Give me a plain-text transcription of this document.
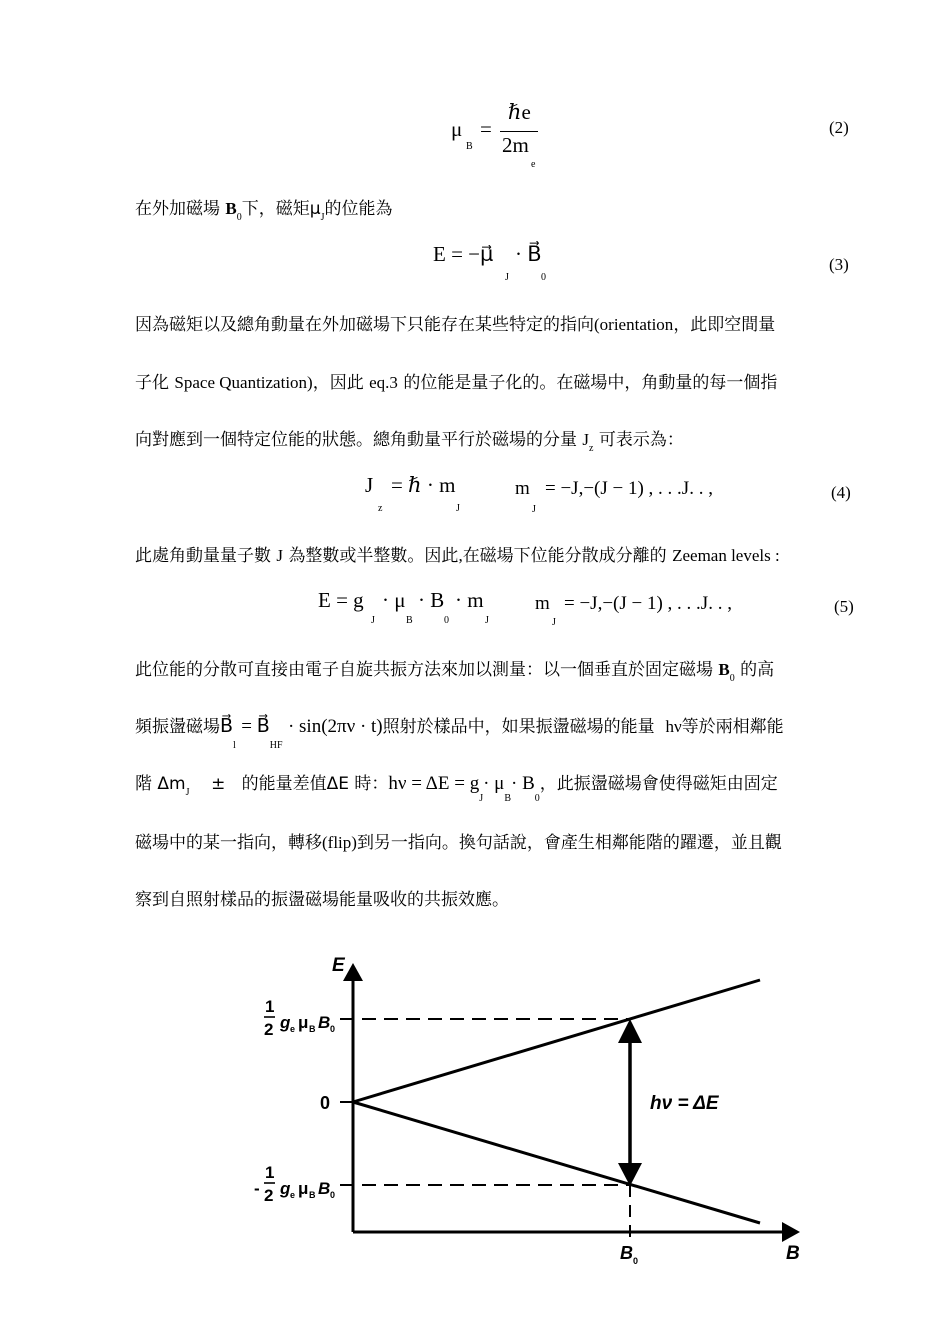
μ
B
=
ℏe
2m
e
(2)
在外加磁場 $B_0$下，磁矩$\mu_J$的位能為
E = −μ⃗
J
· B⃗
0
(3)
因為磁矩以及總角動量在外加磁場下只能存在某些特定的指向(orientation，此即空間量
子化 Space Quantization)，因此 eq.3 的位能是量子化的。在磁場中，角動量的每一個指
向對應到一個特定位能的狀態。總角動量平行於磁場的分量 $J_z$ 可表示為：
J
z
= ℏ · m
J
m
J
= −J,−(J − 1) , . . .J. . ,	(4)
此處角動量量子數 J 為整數或半整數。因此,在磁場下位能分散成分離的 Zeeman levels :
E = g
J
· μ
B
· B
0
· m
J
m
J
= −J,−(J − 1) , . . .J. . ,	(5)
此位能的分散可直接由電子自旋共振方法來加以測量：以一個垂直於固定磁場 $B_0$ 的高
頻振盪磁場$B⃗_l$ = $B⃗_{HF} \cdot \sin(2\pi\nu \cdot t)$照射於樣品中，如果振盪磁場的能量 hν等於兩相鄰能
階 $\Delta m_J$ ± 的能量差值ΔE 時：$h\nu = \Delta E = g_J\cdot \mu_B\cdot B_0$，此振盪磁場會使得磁矩由固定
磁場中的某一指向，轉移(flip)到另一指向。換句話說，會產生相鄰能階的躍遷，並且觀
察到自照射樣品的振盪磁場能量吸收的共振效應。
E
B
hν = ΔE
1
2 g e μ B B 0
0
-
1
2 g e μ B B 0
B 0
